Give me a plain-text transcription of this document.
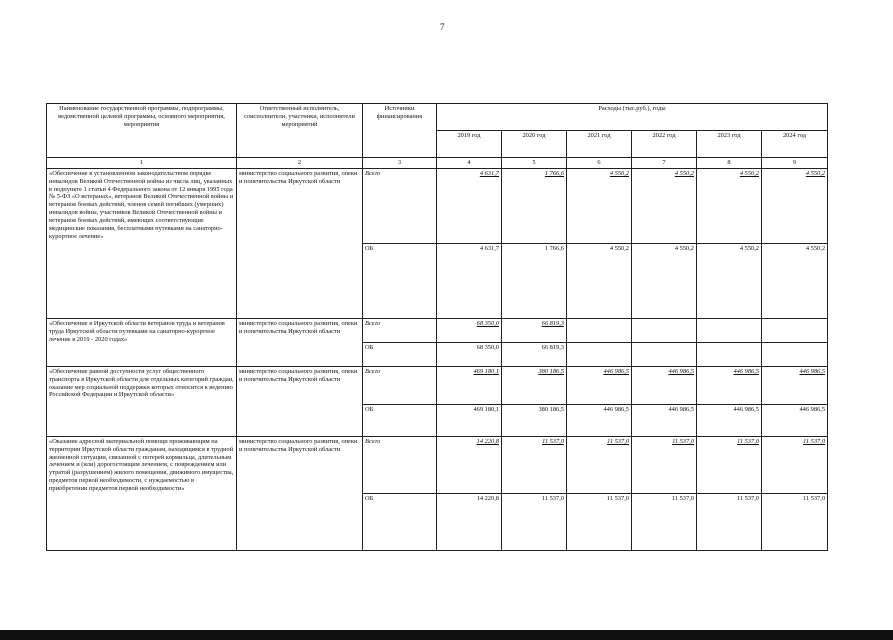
7
Наименование государственной программы, подпрограммы, ведомственной целевой программы, основного мероприятия, мероприятия	Ответственный исполнитель, соисполнители, участники, исполнители мероприятий	Источники финансирования	Расходы (тыс.руб.), годы					
			2019 год	2020 год	2021 год	2022 год	2023 год	2024 год
1	2	3	4	5	6	7	8	9
«Обеспечение в установленном законодательством порядке инвалидов Великой Отечественной войны из числа лиц, указанных в подпункте 1 статьи 4 Федерального закона от 12 января 1995 года № 5-ФЗ «О ветеранах», ветеранов Великой Отечественной войны и ветеранов боевых действий, членов семей погибших (умерших) инвалидов войны, участников Великой Отечественной войны и ветеранов боевых действий, имеющих соответствующие медицинские показания, бесплатными путевками на санаторно-курортное лечение»	министерство социального развития, опеки и попечительства Иркутской области	Всего	4 631,7	1 766,6	4 550,2	4 550,2	4 550,2	4 550,2
		ОБ	4 631,7	1 766,6	4 550,2	4 550,2	4 550,2	4 550,2
«Обеспечение в Иркутской области ветеранов труда и ветеранов труда Иркутской области путевками на санаторно-курортное лечение в 2019 - 2020 годах»	министерство социального развития, опеки и попечительства Иркутской области	Всего	68 350,0	66 819,3				
		ОБ	68 350,0	66 819,3				
«Обеспечение равной доступности услуг общественного транспорта в Иркутской области для отдельных категорий граждан, оказание мер социальной поддержки которых относится к ведению Российской Федерации и Иркутской области»	министерство социального развития, опеки и попечительства Иркутской области	Всего	469 180,1	380 186,5	446 986,5	446 986,5	446 986,5	446 986,5
		ОБ	469 180,1	380 186,5	446 986,5	446 986,5	446 986,5	446 986,5
«Оказание адресной материальной помощи проживающим на территории Иркутской области гражданам, находящимся в трудной жизненной ситуации, связанной с потерей кормильца, длительным лечением и (или) дорогостоящим лечением, с повреждением или утратой (разрушением) жилого помещения, движимого имущества, предметов первой необходимости, с нуждаемостью в приобретении предметов первой необходимости»	министерство социального развития, опеки и попечительства Иркутской области	Всего	14 220,8	11 537,0	11 537,0	11 537,0	11 537,0	11 537,0
		ОБ	14 220,8	11 537,0	11 537,0	11 537,0	11 537,0	11 537,0
